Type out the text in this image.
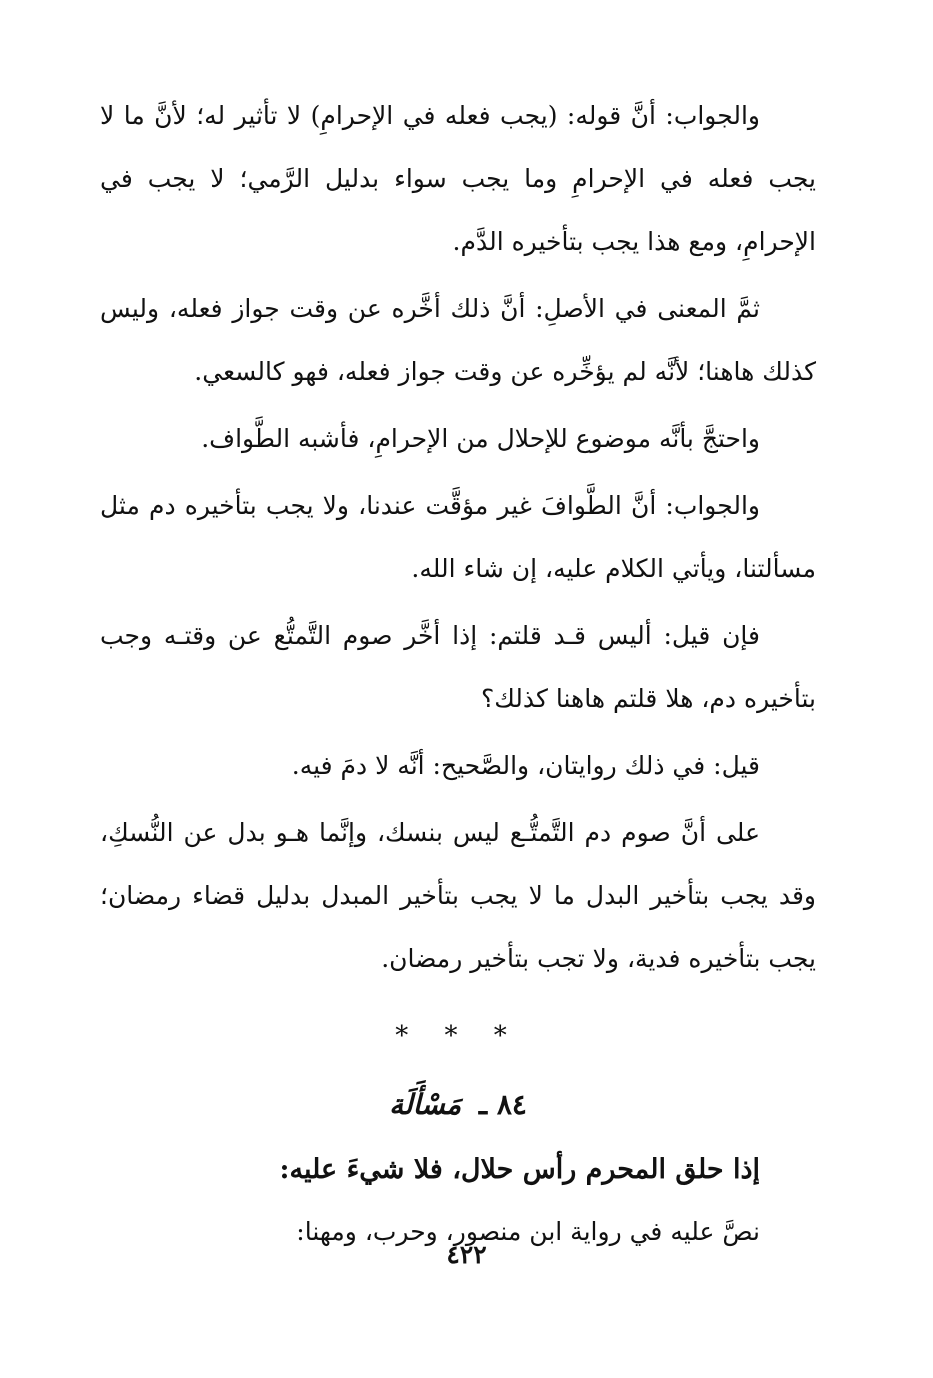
والجواب: أنَّ قوله: (يجب فعله في الإحرامِ) لا تأثير له؛ لأنَّ ما لا يجب فعله في الإحرامِ وما يجب سواء بدليل الرَّمي؛ لا يجب في الإحرامِ، ومع هذا يجب بتأخيره الدَّم.

ثمَّ المعنى في الأصلِ: أنَّ ذلك أخَّره عن وقت جواز فعله، وليس كذلك هاهنا؛ لأنَّه لم يؤخِّره عن وقت جواز فعله، فهو كالسعي.

واحتجَّ بأنَّه موضوع للإحلال من الإحرامِ، فأشبه الطَّواف.

والجواب: أنَّ الطَّوافَ غير مؤقَّت عندنا، ولا يجب بتأخيره دم مثل مسألتنا، ويأتي الكلام عليه، إن شاء الله.

فإن قيل: أليس قـد قلتم: إذا أخَّر صوم التَّمتُّع عن وقتـه وجب بتأخيره دم، هلا قلتم هاهنا كذلك؟

قيل: في ذلك روايتان، والصَّحيح: أنَّه لا دمَ فيه.

على أنَّ صوم دم التَّمتُّـع ليس بنسك، وإنَّما هـو بدل عن النُّسكِ، وقد يجب بتأخير البدل ما لا يجب بتأخير المبدل بدليل قضاء رمضان؛ يجب بتأخيره فدية، ولا تجب بتأخير رمضان.

* * *
٨٤ ـ مَسْأَلَة
إذا حلق المحرم رأس حلال، فلا شيءَ عليه:
نصَّ عليه في رواية ابن منصور، وحرب، ومهنا:
٤٢٢
